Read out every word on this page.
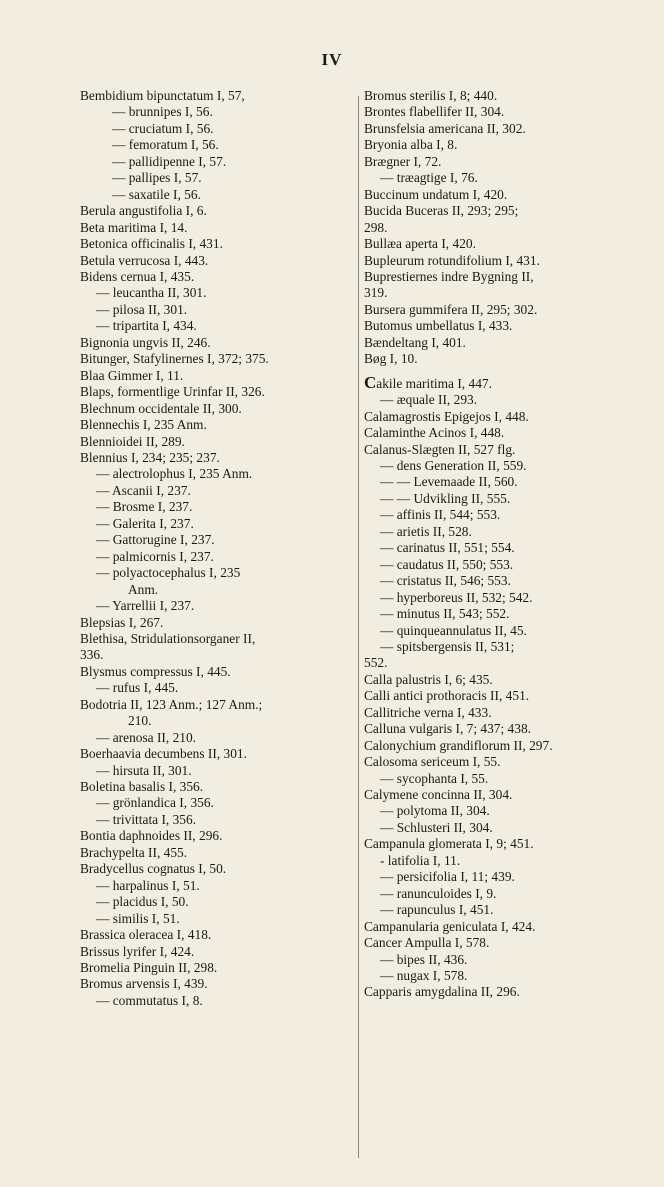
IV
Bembidium bipunctatum I, 57,
— brunnipes I, 56.
— cruciatum I, 56.
— femoratum I, 56.
— pallidipenne I, 57.
— pallipes I, 57.
— saxatile I, 56.
Berula angustifolia I, 6.
Beta maritima I, 14.
Betonica officinalis I, 431.
Betula verrucosa I, 443.
Bidens cernua I, 435.
— leucantha II, 301.
— pilosa II, 301.
— tripartita I, 434.
Bignonia ungvis II, 246.
Bitunger, Stafylinernes I, 372; 375.
Blaa Gimmer I, 11.
Blaps, formentlige Urinfar II, 326.
Blechnum occidentale II, 300.
Blennechis I, 235 Anm.
Blennioidei II, 289.
Blennius I, 234; 235; 237.
— alectrolophus I, 235 Anm.
— Ascanii I, 237.
— Brosme I, 237.
— Galerita I, 237.
— Gattorugine I, 237.
— palmicornis I, 237.
— polyactocephalus I, 235
Anm.
— Yarrellii I, 237.
Blepsias I, 267.
Blethisa, Stridulationsorganer II,
336.
Blysmus compressus I, 445.
— rufus I, 445.
Bodotria II, 123 Anm.; 127 Anm.;
210.
— arenosa II, 210.
Boerhaavia decumbens II, 301.
— hirsuta II, 301.
Boletina basalis I, 356.
— grönlandica I, 356.
— trivittata I, 356.
Bontia daphnoides II, 296.
Brachypelta II, 455.
Bradycellus cognatus I, 50.
— harpalinus I, 51.
— placidus I, 50.
— similis I, 51.
Brassica oleracea I, 418.
Brissus lyrifer I, 424.
Bromelia Pinguin II, 298.
Bromus arvensis I, 439.
— commutatus I, 8.
Bromus sterilis I, 8; 440.
Brontes flabellifer II, 304.
Brunsfelsia americana II, 302.
Bryonia alba I, 8.
Brægner I, 72.
— træagtige I, 76.
Buccinum undatum I, 420.
Bucida Buceras II, 293; 295;
298.
Bullæa aperta I, 420.
Bupleurum rotundifolium I, 431.
Buprestiernes indre Bygning II,
319.
Bursera gummifera II, 295; 302.
Butomus umbellatus I, 433.
Bændeltang I, 401.
Bøg I, 10.
Cakile maritima I, 447.
— æquale II, 293.
Calamagrostis Epigejos I, 448.
Calaminthe Acinos I, 448.
Calanus-Slægten II, 527 flg.
— dens Generation II, 559.
— — Levemaade II, 560.
— — Udvikling II, 555.
— affinis II, 544; 553.
— arietis II, 528.
— carinatus II, 551; 554.
— caudatus II, 550; 553.
— cristatus II, 546; 553.
— hyperboreus II, 532; 542.
— minutus II, 543; 552.
— quinqueannulatus II, 45.
— spitsbergensis II, 531;
552.
Calla palustris I, 6; 435.
Calli antici prothoracis II, 451.
Callitriche verna I, 433.
Calluna vulgaris I, 7; 437; 438.
Calonychium grandiflorum II, 297.
Calosoma sericeum I, 55.
— sycophanta I, 55.
Calymene concinna II, 304.
— polytoma II, 304.
— Schlusteri II, 304.
Campanula glomerata I, 9; 451.
- latifolia I, 11.
— persicifolia I, 11; 439.
— ranunculoides I, 9.
— rapunculus I, 451.
Campanularia geniculata I, 424.
Cancer Ampulla I, 578.
— bipes II, 436.
— nugax I, 578.
Capparis amygdalina II, 296.
